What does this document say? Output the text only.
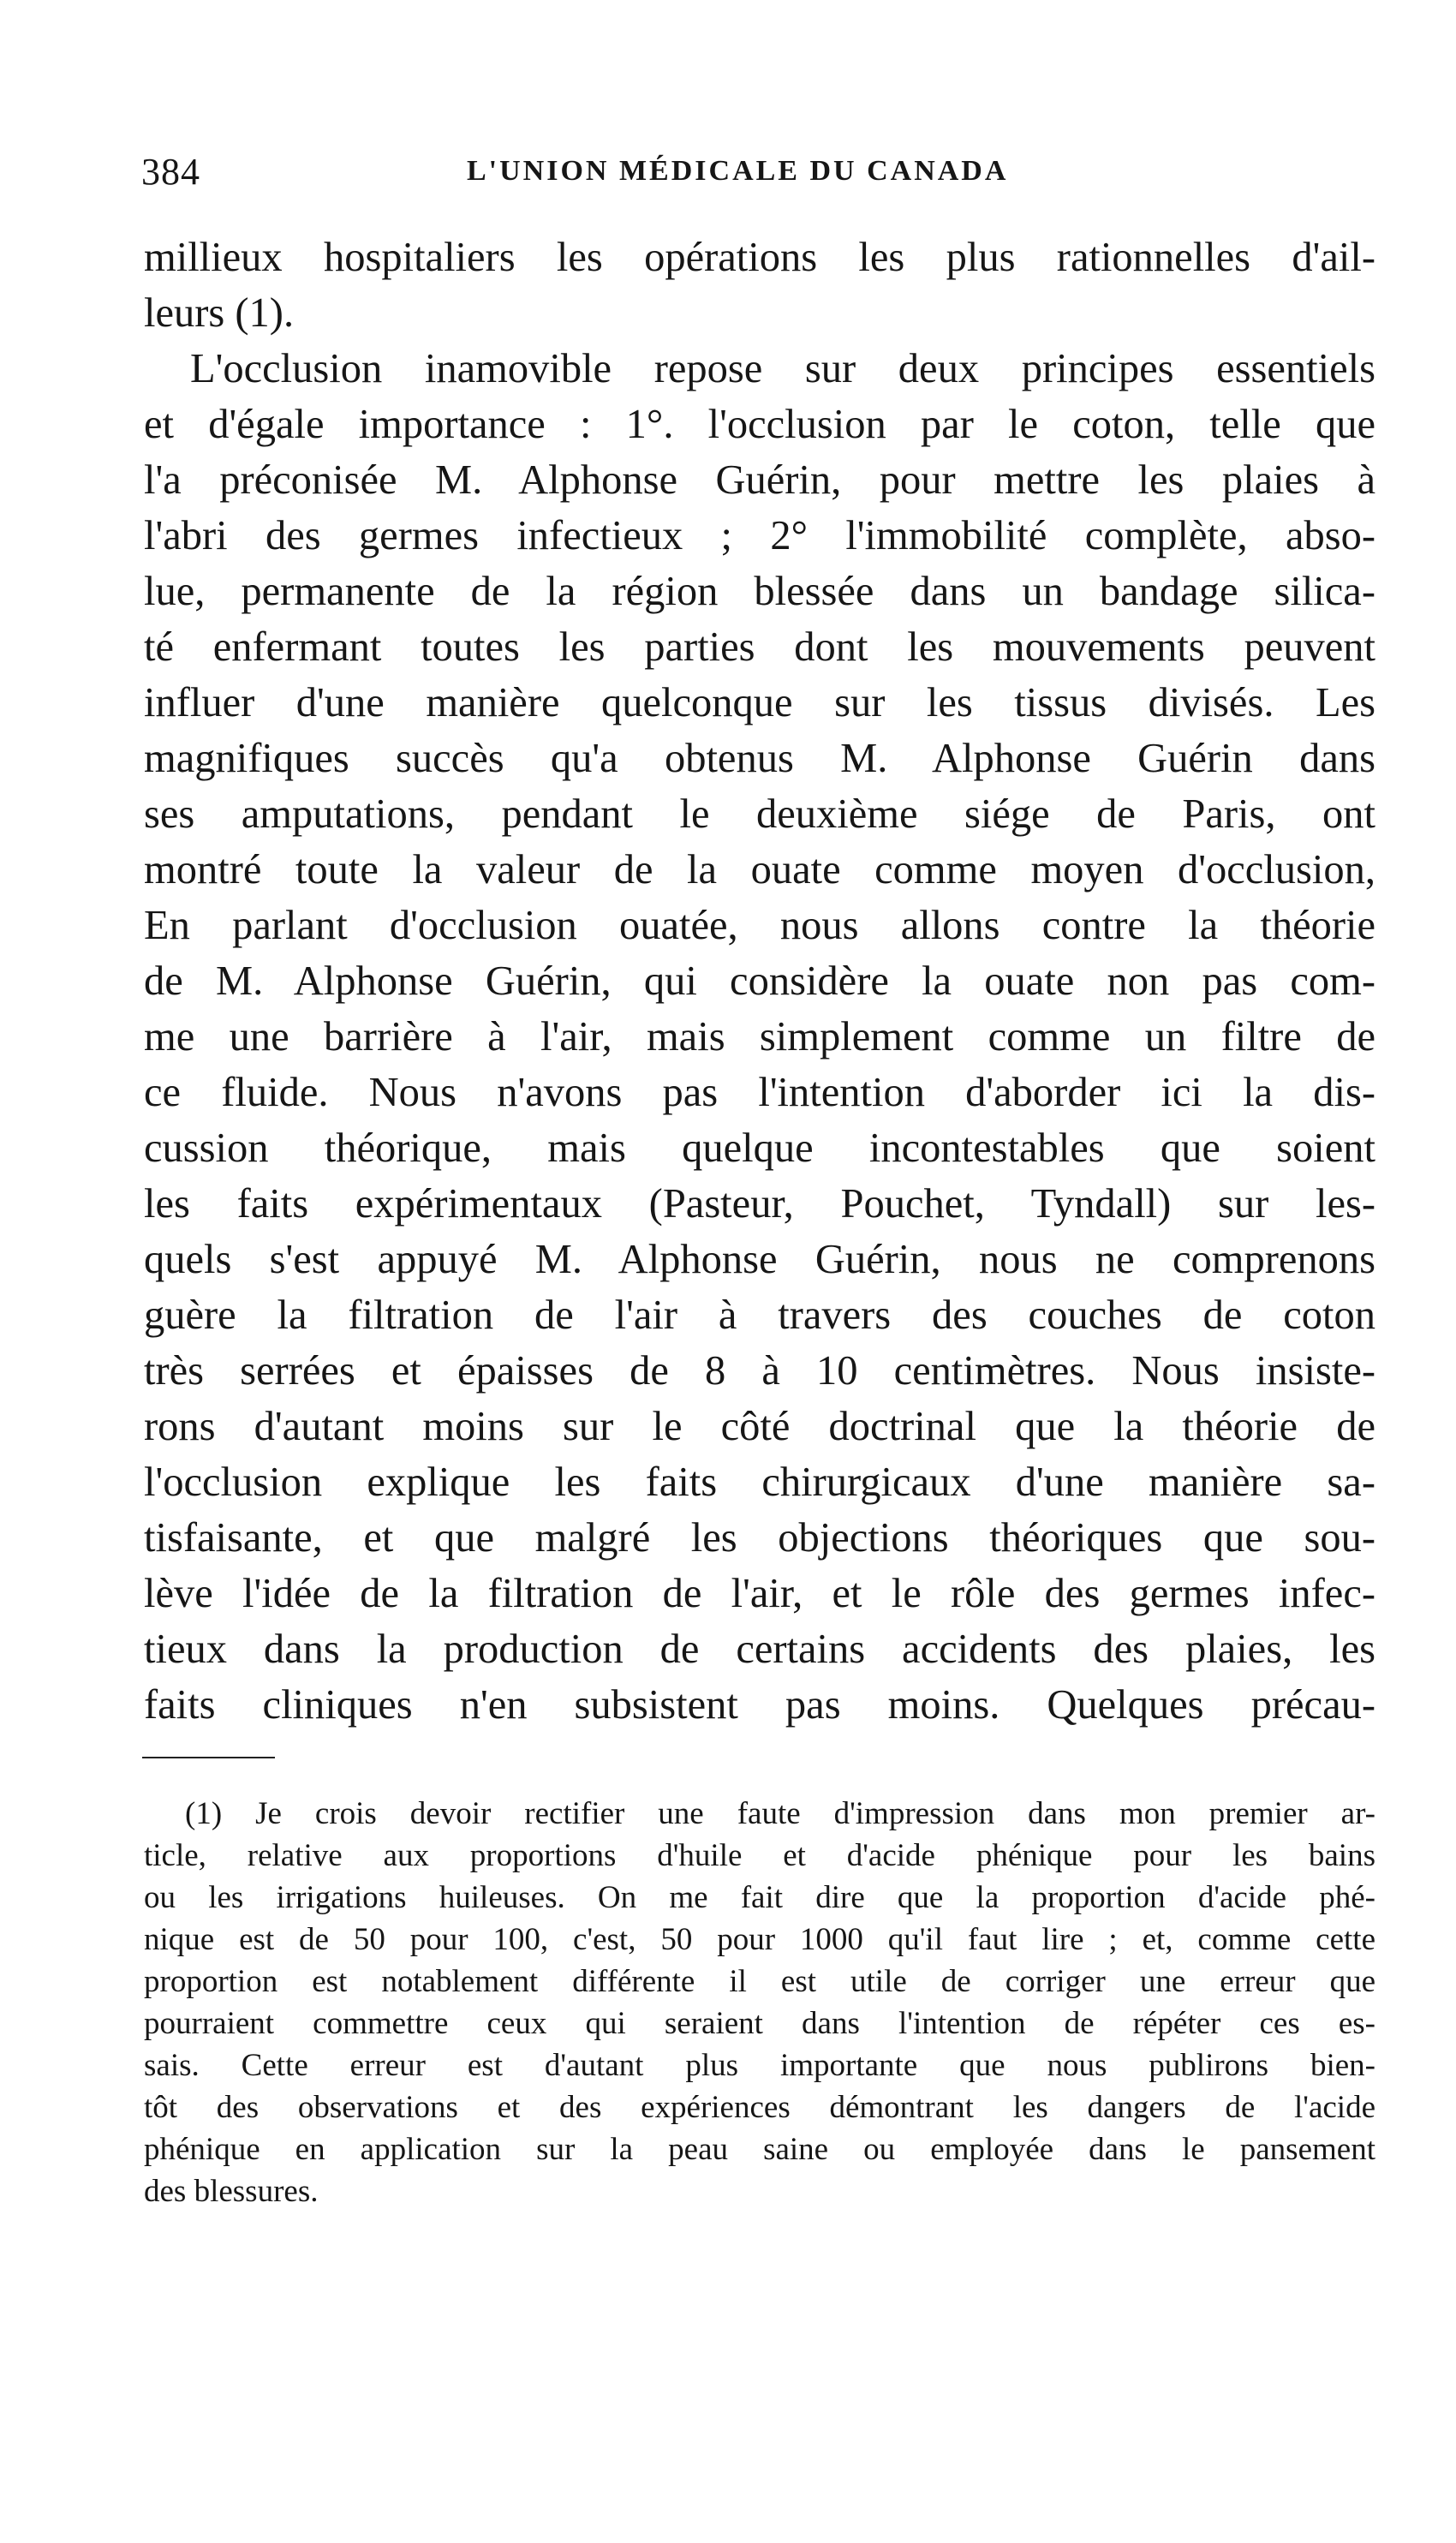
384	L'UNION MÉDICALE DU CANADA
millieux hospitaliers les opérations les plus rationnelles d'ail-
leurs (1).
L'occlusion inamovible repose sur deux principes essentiels
et d'égale importance : 1°. l'occlusion par le coton, telle que
l'a préconisée M. Alphonse Guérin, pour mettre les plaies à
l'abri des germes infectieux ; 2° l'immobilité complète, abso-
lue, permanente de la région blessée dans un bandage silica-
té enfermant toutes les parties dont les mouvements peuvent
influer d'une manière quelconque sur les tissus divisés. Les
magnifiques succès qu'a obtenus M. Alphonse Guérin dans
ses amputations, pendant le deuxième siége de Paris, ont
montré toute la valeur de la ouate comme moyen d'occlusion,
En parlant d'occlusion ouatée, nous allons contre la théorie
de M. Alphonse Guérin, qui considère la ouate non pas com-
me une barrière à l'air, mais simplement comme un filtre de
ce fluide. Nous n'avons pas l'intention d'aborder ici la dis-
cussion théorique, mais quelque incontestables que soient
les faits expérimentaux (Pasteur, Pouchet, Tyndall) sur les-
quels s'est appuyé M. Alphonse Guérin, nous ne comprenons
guère la filtration de l'air à travers des couches de coton
très serrées et épaisses de 8 à 10 centimètres. Nous insiste-
rons d'autant moins sur le côté doctrinal que la théorie de
l'occlusion explique les faits chirurgicaux d'une manière sa-
tisfaisante, et que malgré les objections théoriques que sou-
lève l'idée de la filtration de l'air, et le rôle des germes infec-
tieux dans la production de certains accidents des plaies, les
faits cliniques n'en subsistent pas moins. Quelques précau-
(1) Je crois devoir rectifier une faute d'impression dans mon premier ar-
ticle, relative aux proportions d'huile et d'acide phénique pour les bains
ou les irrigations huileuses. On me fait dire que la proportion d'acide phé-
nique est de 50 pour 100, c'est, 50 pour 1000 qu'il faut lire ; et, comme cette
proportion est notablement différente il est utile de corriger une erreur que
pourraient commettre ceux qui seraient dans l'intention de répéter ces es-
sais. Cette erreur est d'autant plus importante que nous publirons bien-
tôt des observations et des expériences démontrant les dangers de l'acide
phénique en application sur la peau saine ou employée dans le pansement
des blessures.
